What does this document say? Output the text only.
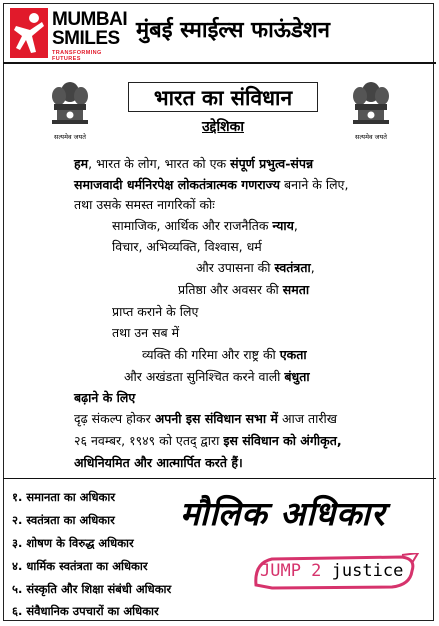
MUMBAI
SMILES
TRANSFORMING FUTURES
मुंबई स्माईल्स फाऊंडेशन
सत्यमेव जयते	सत्यमेव जयते
भारत का संविधान
उद्देशिका
हम, भारत के लोग, भारत को एक संपूर्ण प्रभुत्व-संपन्न
समाजवादी धर्मनिरपेक्ष लोकतंत्रात्मक गणराज्य बनाने के लिए,
तथा उसके समस्त नागरिकों कोः
सामाजिक, आर्थिक और राजनैतिक न्याय,
विचार, अभिव्यक्ति, विश्वास, धर्म
और उपासना की स्वतंत्रता,
प्रतिष्ठा और अवसर की समता
प्राप्त कराने के लिए
तथा उन सब में
व्यक्ति की गरिमा और राष्ट्र की एकता
और अखंडता सुनिश्चित करने वाली बंधुता
बढ़ाने के लिए
दृढ़ संकल्प होकर अपनी इस संविधान सभा में आज तारीख
२६ नवम्बर, १९४९ को एतद् द्वारा इस संविधान को अंगीकृत,
अधिनियमित और आत्मार्पित करते हैं।
मौलिक अधिकार
१. समानता का अधिकार
२. स्वतंत्रता का अधिकार
३. शोषण के विरुद्ध अधिकार
४. धार्मिक स्वतंत्रता का अधिकार
५. संस्कृति और शिक्षा संबंधी अधिकार
६. संवैधानिक उपचारों का अधिकार
JUMP 2 justice
